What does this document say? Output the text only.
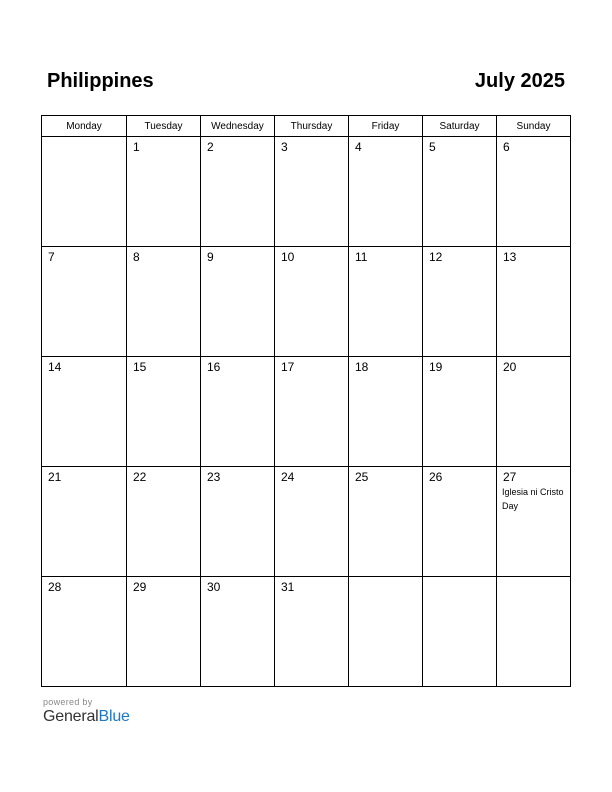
Philippines	July 2025
Monday	Tuesday	Wednesday	Thursday	Friday	Saturday	Sunday

	1	2	3	4	5	6

7	8	9	10	11	12	13

14	15	16	17	18	19	20

21	22	23	24	25	26	27
Iglesia ni Cristo Day

28	29	30	31			

powered by
GeneralBlue
